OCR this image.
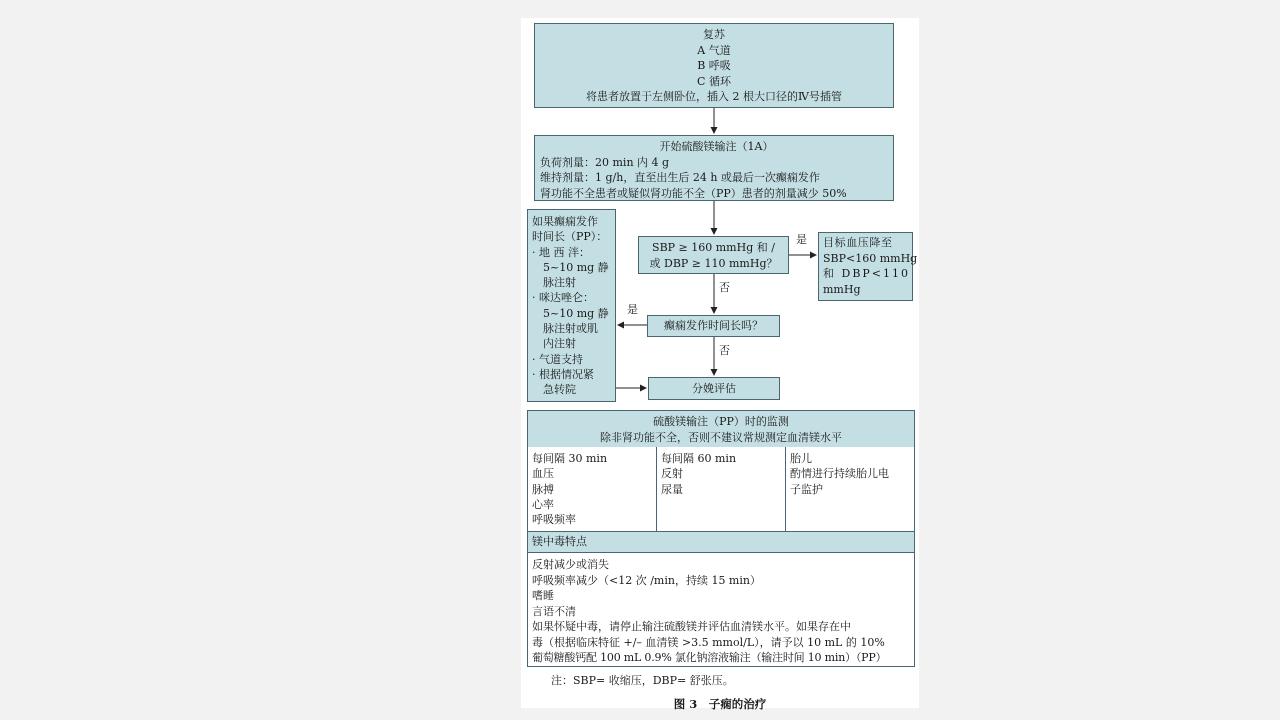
复苏
A 气道
B 呼吸
C 循环
将患者放置于左侧卧位，插入 2 根大口径的Ⅳ号插管
开始硫酸镁输注（1A）
负荷剂量：20 min 内 4 g
维持剂量：1 g/h，直至出生后 24 h 或最后一次癫痫发作
肾功能不全患者或疑似肾功能不全（PP）患者的剂量减少 50%
如果癫痫发作
时间长（PP）：
· 地 西 泮：
　5~10 mg 静
　脉注射
· 咪达唑仑：
　5~10 mg 静
　脉注射或肌
　内注射
· 气道支持
· 根据情况紧
　急转院
SBP ≥ 160 mmHg 和 /
或 DBP ≥ 110 mmHg？
目标血压降至
SBP<160 mmHg
和 DBP<110
mmHg
癫痫发作时间长吗？
分娩评估
是
否
是
否
硫酸镁输注（PP）时的监测
除非肾功能不全，否则不建议常规测定血清镁水平
每间隔 30 min
血压
脉搏
心率
呼吸频率
每间隔 60 min
反射
尿量
胎儿
酌情进行持续胎儿电
子监护
镁中毒特点
反射减少或消失
呼吸频率减少（<12 次 /min，持续 15 min）
嗜睡
言语不清
如果怀疑中毒，请停止输注硫酸镁并评估血清镁水平。如果存在中
毒（根据临床特征 +/– 血清镁 >3.5 mmol/L），请予以 10 mL 的 10%
葡萄糖酸钙配 100 mL 0.9% 氯化钠溶液输注（输注时间 10 min）（PP）
注：SBP= 收缩压，DBP= 舒张压。
图 3　子痫的治疗
